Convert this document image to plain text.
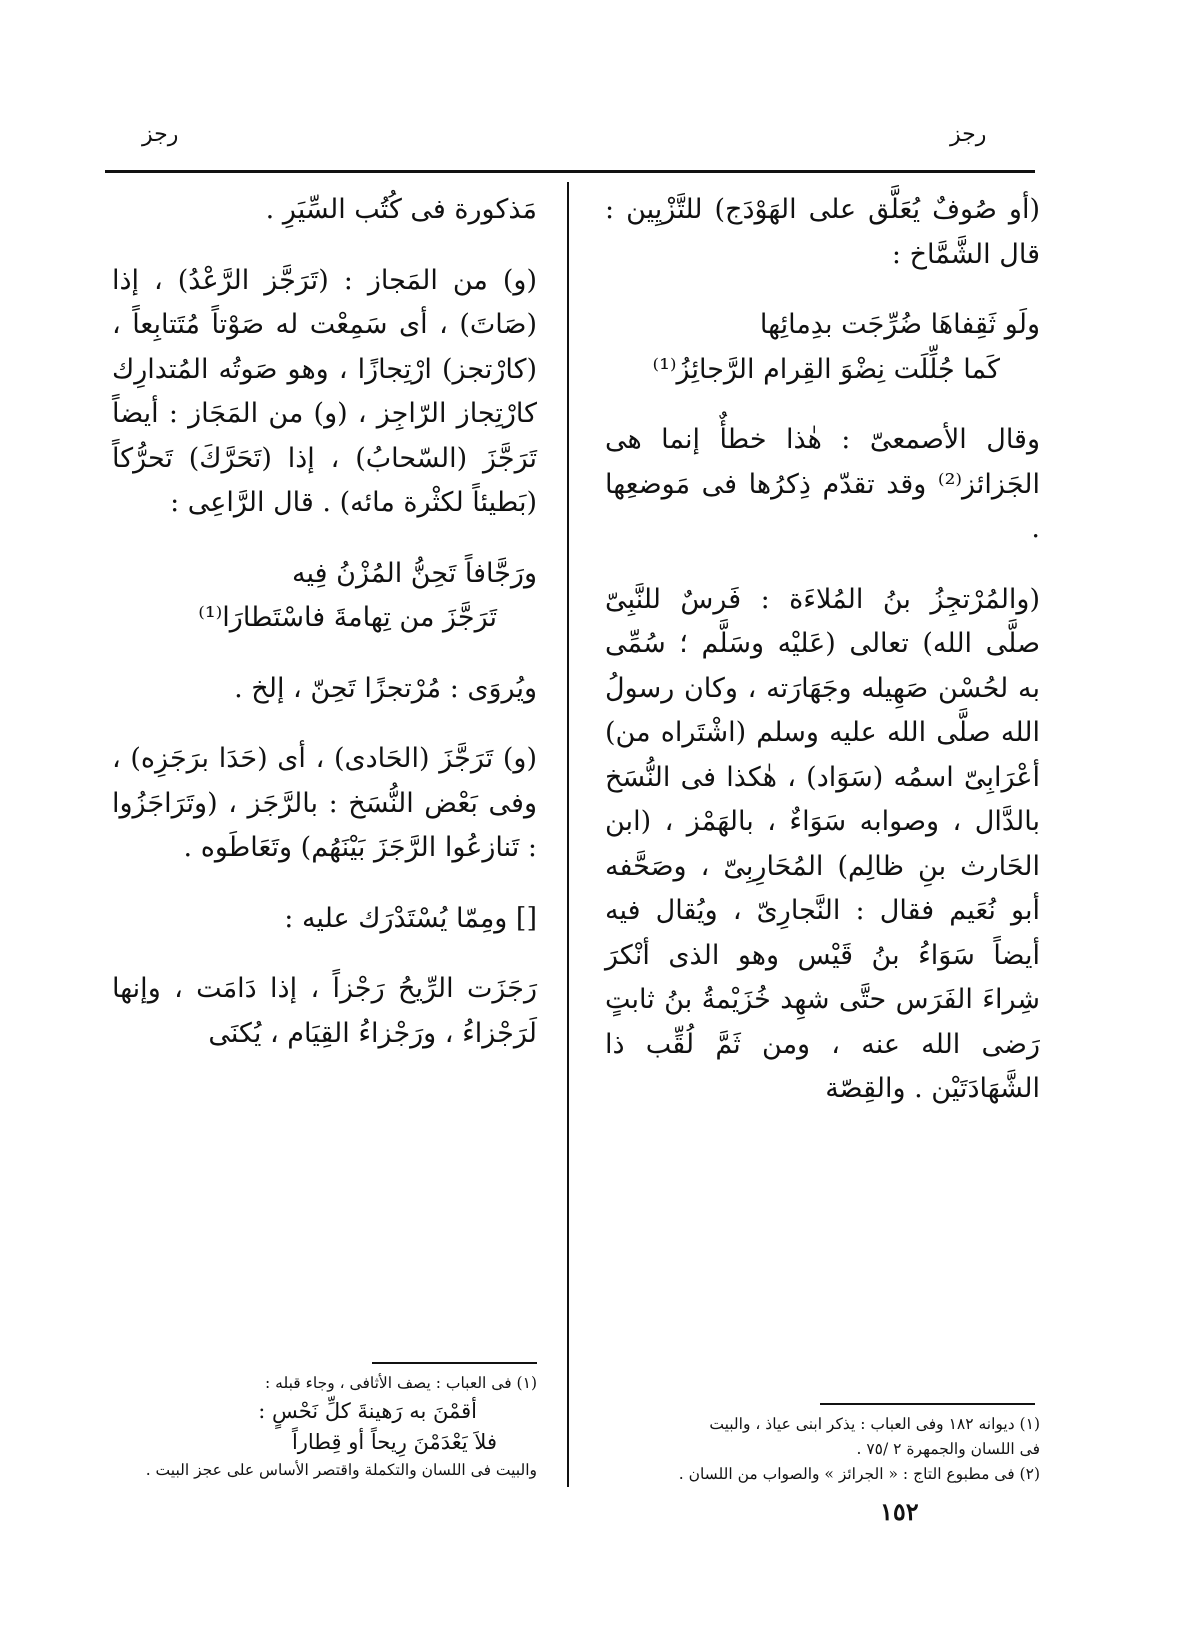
رجز	رجز

(أو صُوفٌ يُعَلَّق على الهَوْدَج) للتَّزْيِين : قال الشَّمَّاخ :

ولَو ثَقِفاهَا ضُرِّجَت بدِمائِها
كَما جُلِّلَت نِضْوَ القِرام الرَّجائِزُ⁽¹⁾

وقال الأصمعىّ : هٰذا خطأٌ إنما هى الجَزائز⁽²⁾ وقد تقدّم ذِكرُها فى مَوضعِها .

(والمُرْتجِزُ بنُ المُلاءَة : فَرسٌ للنَّبِىّ صلَّى الله) تعالى (عَليْه وسَلَّم ؛ سُمِّى به لحُسْن صَهِيله وجَهَارَته ، وكان رسولُ الله صلَّى الله عليه وسلم (اشْتَراه من) أعْرَابِىّ اسمُه (سَوَاد) ، هٰكذا فى النُّسَخ بالدَّال ، وصوابه سَوَاءٌ ، بالهَمْز ، (ابن الحَارث بنِ ظالِم) المُحَارِبِىّ ، وصَحَّفه أبو نُعَيم فقال : النَّجارِىّ ، ويُقال فيه أيضاً سَوَاءُ بنُ قَيْس وهو الذى أنْكرَ شِراءَ الفَرَس حتَّى شهِد خُزَيْمةُ بنُ ثابتٍ رَضى الله عنه ، ومن ثَمَّ لُقِّب ذا الشَّهَادَتَيْن . والقِصّة

مَذكورة فى كُتُب السِّيَرِ .

(و) من المَجاز : (تَرَجَّز الرَّعْدُ) ، إذا (صَاتَ) ، أى سَمِعْت له صَوْتاً مُتَتابِعاً ، (كارْتجز) ارْتِجازًا ، وهو صَوتُه المُتدارِك كارْتِجاز الرّاجِز ، (و) من المَجَاز : أيضاً تَرَجَّزَ (السّحابُ) ، إذا (تَحَرَّكَ) تَحرُّكاً (بَطيئاً لكثْرة مائه) . قال الرَّاعِى :

ورَجَّافاً تَحِنُّ المُزْنُ فِيه
تَرَجَّزَ من تِهامةَ فاسْتَطارَا⁽¹⁾

ويُروَى : مُرْتجزًا تَحِنّ ، إلخ .

(و) تَرَجَّزَ (الحَادى) ، أى (حَدَا برَجَزِه) ، وفى بَعْض النُّسَخ : بالرَّجَز ، (وتَرَاجَزُوا : تَنازعُوا الرَّجَزَ بَيْنَهُم) وتَعَاطَوه .

[] ومِمّا يُسْتَدْرَك عليه :

رَجَزَت الرِّيحُ رَجْزاً ، إذا دَامَت ، وإنها لَرَجْزاءُ ، ورَجْزاءُ القِيَام ، يُكنَى

(١) فى العباب : يصف الأثافى ، وجاء قبله :
أقمْنَ به رَهينةَ كلِّ نَحْسٍ :
فلاَ يَعْدَمْنَ رِيحاً أو قِطاراً
والبيت فى اللسان والتكملة واقتصر الأساس على عجز البيت .
(١) ديوانه ١٨٢ وفى العباب : يذكر ابنى عياذ ، والبيت
فى اللسان والجمهرة ٢ /٧٥ .
(٢) فى مطبوع التاج : « الجرائز » والصواب من اللسان .
١٥٢
